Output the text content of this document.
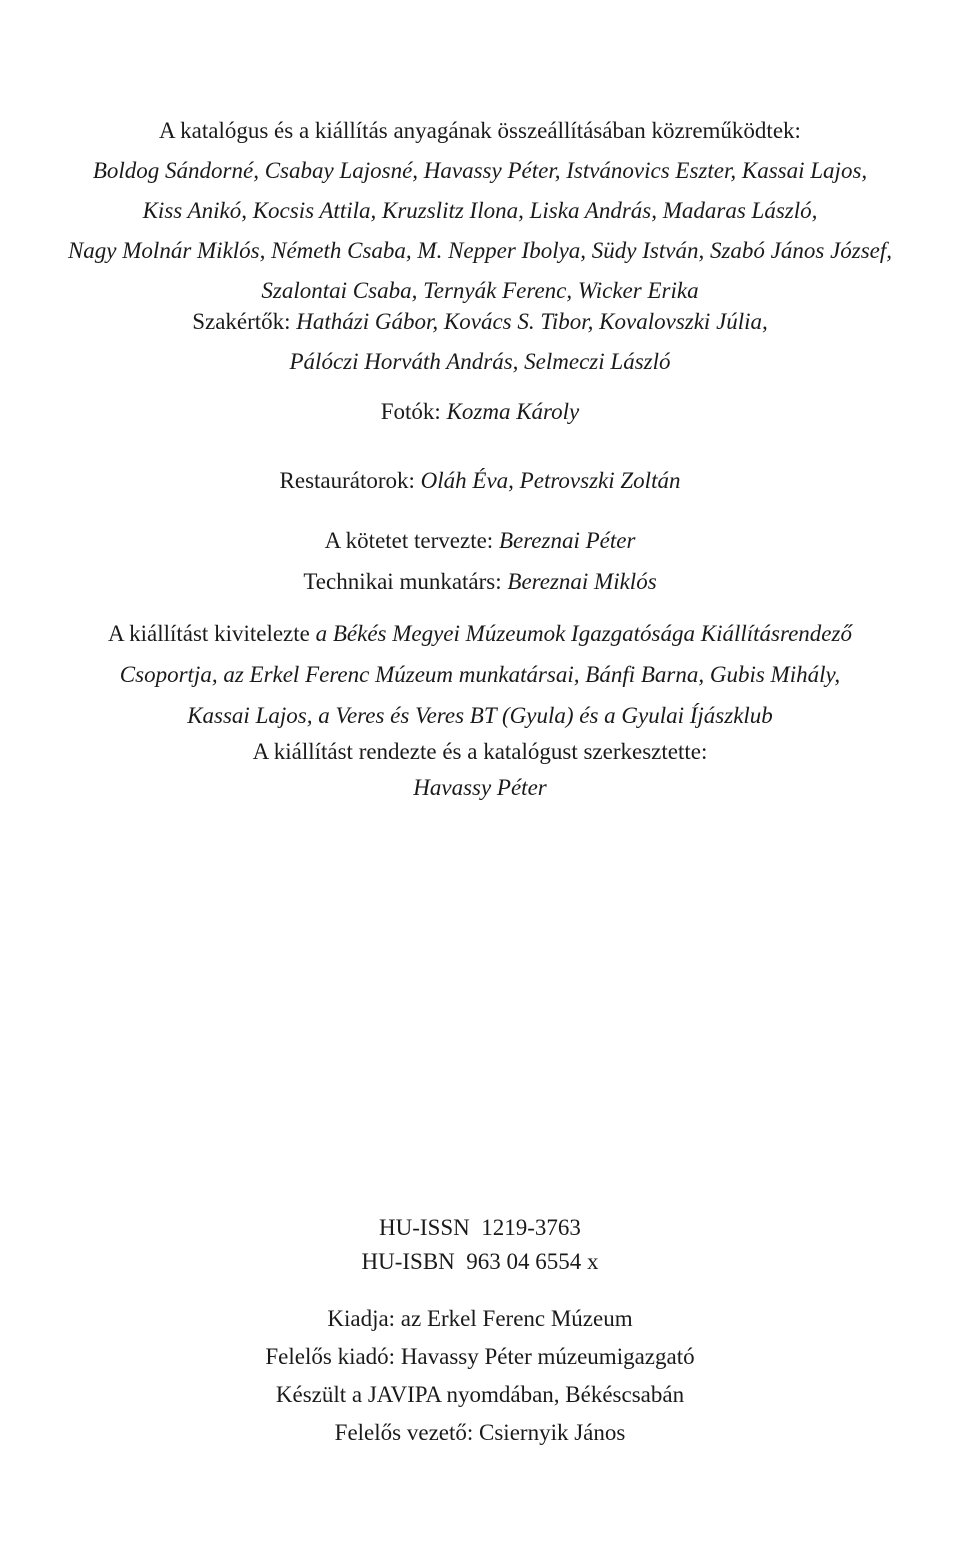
A katalógus és a kiállítás anyagának összeállításában közreműködtek:
Boldog Sándorné, Csabay Lajosné, Havassy Péter, Istvánovics Eszter, Kassai Lajos,
Kiss Anikó, Kocsis Attila, Kruzslitz Ilona, Liska András, Madaras László,
Nagy Molnár Miklós, Németh Csaba, M. Nepper Ibolya, Südy István, Szabó János József,
Szalontai Csaba, Ternyák Ferenc, Wicker Erika
Szakértők: Hatházi Gábor, Kovács S. Tibor, Kovalovszki Júlia,
Pálóczi Horváth András, Selmeczi László
Fotók: Kozma Károly
Restaurátorok: Oláh Éva, Petrovszki Zoltán
A kötetet tervezte: Bereznai Péter
Technikai munkatárs: Bereznai Miklós
A kiállítást kivitelezte a Békés Megyei Múzeumok Igazgatósága Kiállításrendező
Csoportja, az Erkel Ferenc Múzeum munkatársai, Bánfi Barna, Gubis Mihály,
Kassai Lajos, a Veres és Veres BT (Gyula) és a Gyulai Íjászklub
A kiállítást rendezte és a katalógust szerkesztette:
Havassy Péter
HU-ISSN  1219-3763
HU-ISBN  963 04 6554 x
Kiadja: az Erkel Ferenc Múzeum
Felelős kiadó: Havassy Péter múzeumigazgató
Készült a JAVIPA nyomdában, Békéscsabán
Felelős vezető: Csiernyik János
